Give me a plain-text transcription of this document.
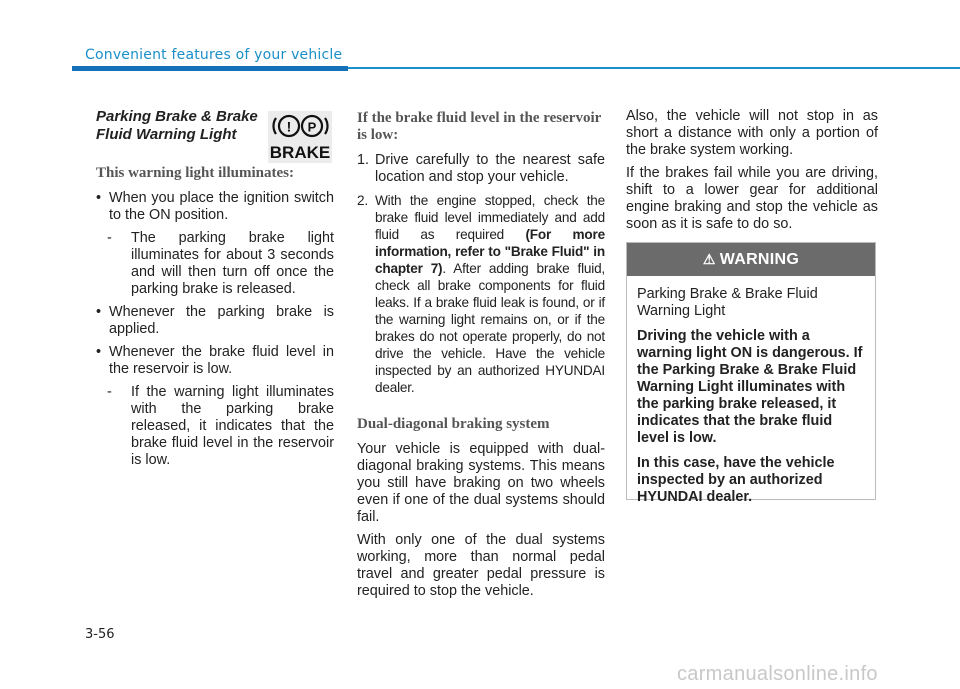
Convenient features of your vehicle
Parking Brake & Brake
Fluid Warning Light
This warning light illuminates:
• When you place the ignition switch to the ON position.
- The parking brake light illuminates for about 3 seconds and will then turn off once the parking brake is released.
• Whenever the parking brake is applied.
• Whenever the brake fluid level in the reservoir is low.
- If the warning light illuminates with the parking brake released, it indicates that the brake fluid level in the reservoir is low.
! P
BRAKE
If the brake fluid level in the reservoir is low:
1. Drive carefully to the nearest safe location and stop your vehicle.
2. With the engine stopped, check the brake fluid level immediately and add fluid as required (For more information, refer to "Brake Fluid" in chapter 7). After adding brake fluid, check all brake components for fluid leaks. If a brake fluid leak is found, or if the warning light remains on, or if the brakes do not operate properly, do not drive the vehicle. Have the vehicle inspected by an authorized HYUNDAI dealer.
Dual-diagonal braking system

Your vehicle is equipped with dual-diagonal braking systems. This means you still have braking on two wheels even if one of the dual systems should fail.

With only one of the dual systems working, more than normal pedal travel and greater pedal pressure is required to stop the vehicle.

Also, the vehicle will not stop in as short a distance with only a portion of the brake system working.

If the brakes fail while you are driving, shift to a lower gear for additional engine braking and stop the vehicle as soon as it is safe to do so.

⚠ WARNING

Parking Brake & Brake Fluid Warning Light

Driving the vehicle with a warning light ON is dangerous. If the Parking Brake & Brake Fluid Warning Light illuminates with the parking brake released, it indicates that the brake fluid level is low.

In this case, have the vehicle inspected by an authorized HYUNDAI dealer.

3-56
carmanualsonline.info
